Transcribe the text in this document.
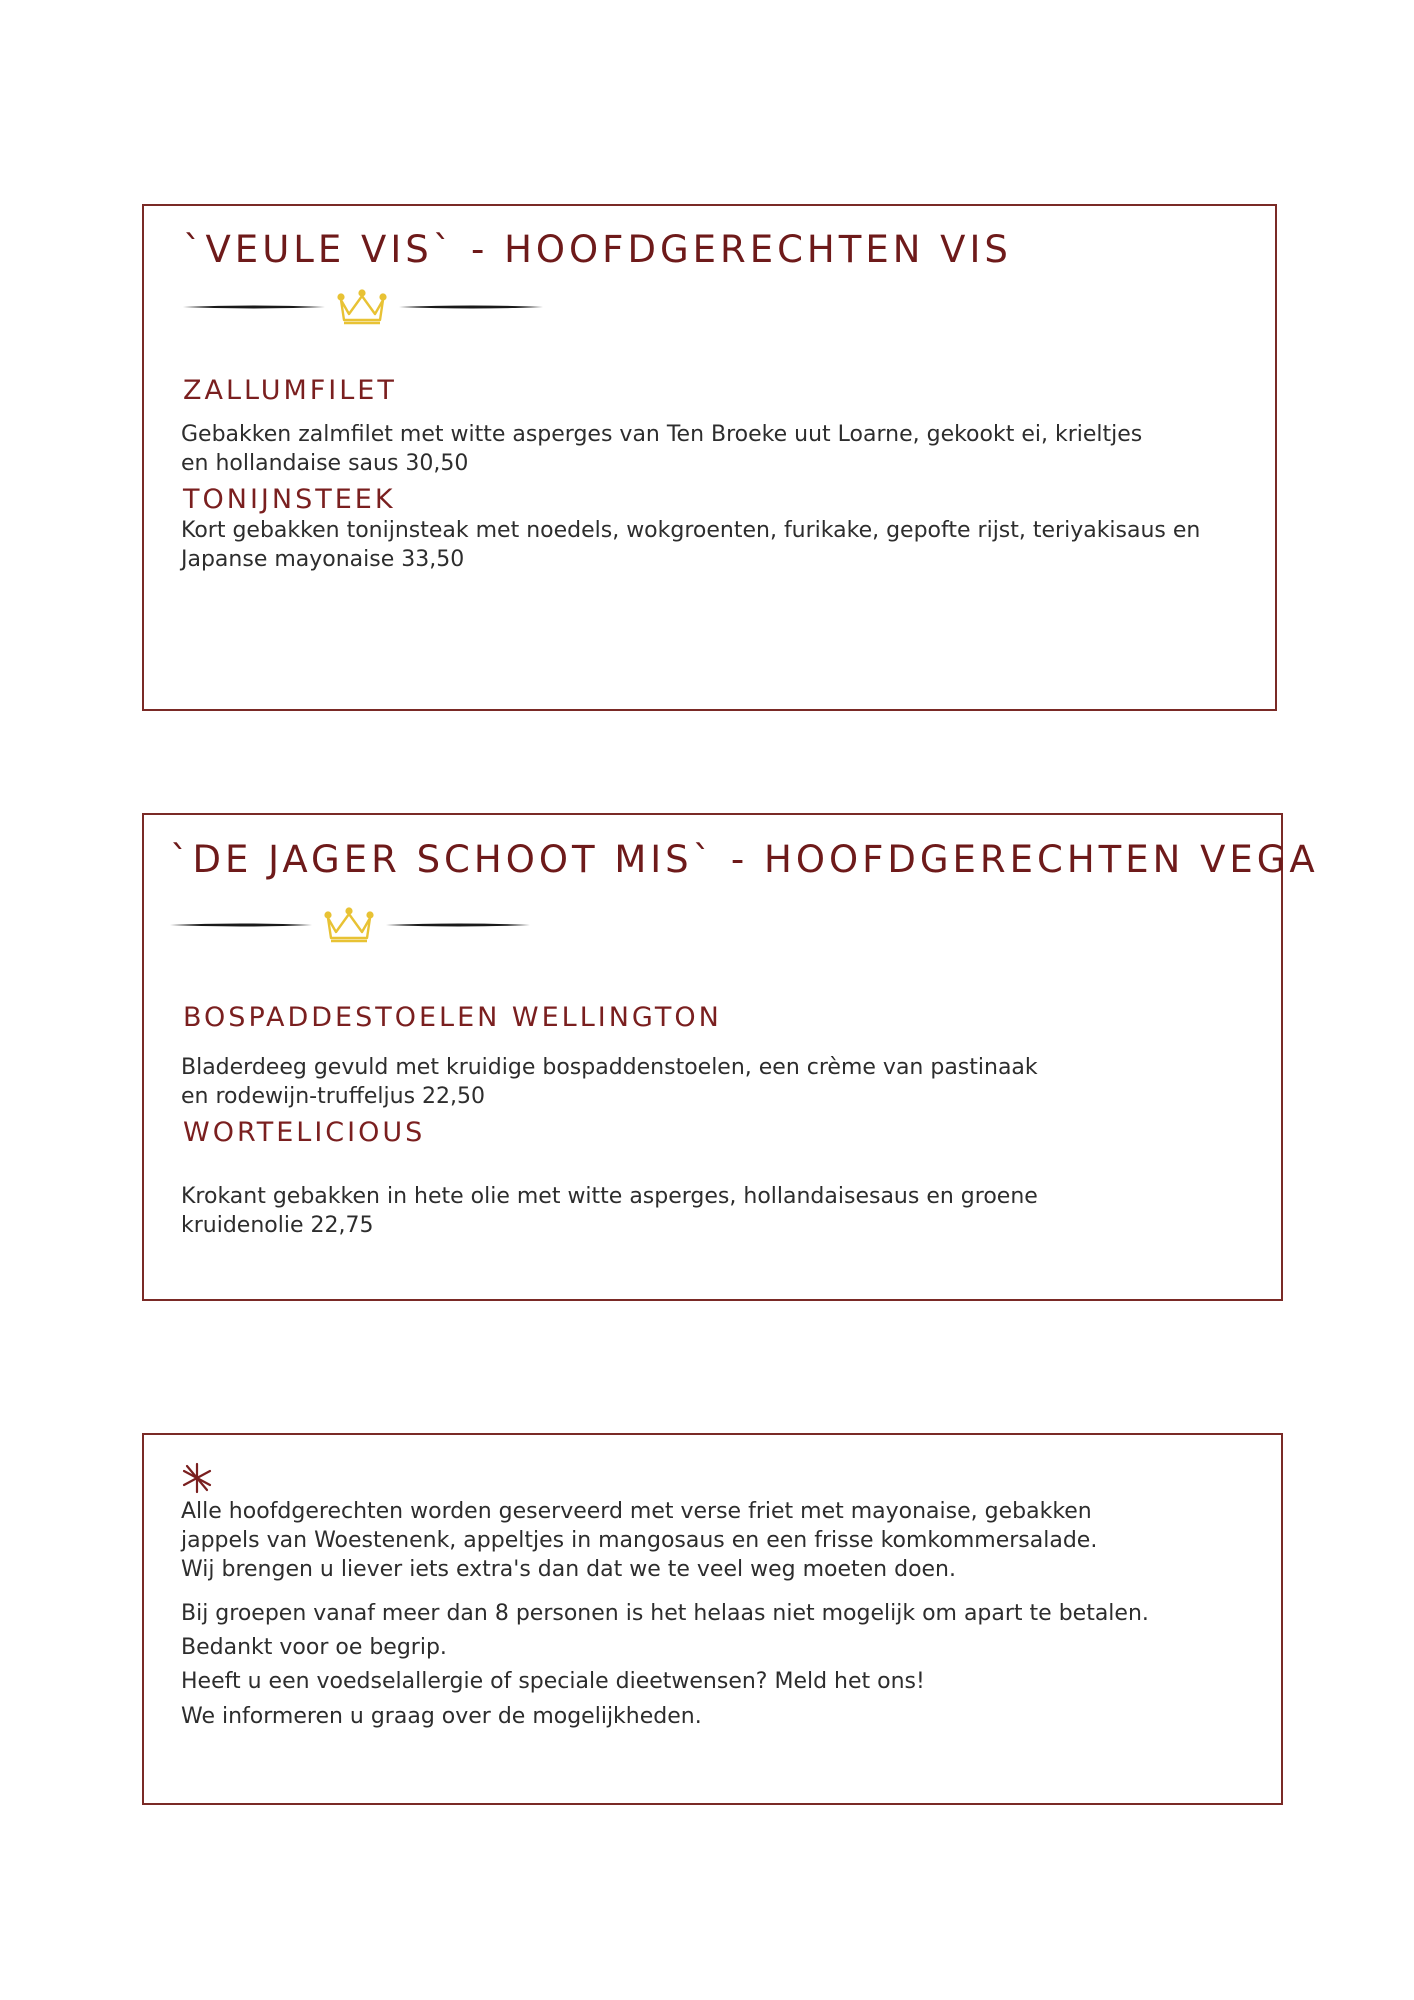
`VEULE VIS` - HOOFDGERECHTEN VIS
ZALLUMFILET

Gebakken zalmfilet met witte asperges van Ten Broeke uut Loarne, gekookt ei, krieltjes en hollandaise saus 30,50

TONIJNSTEEK

Kort gebakken tonijnsteak met noedels, wokgroenten, furikake, gepofte rijst, teriyakisaus en Japanse mayonaise 33,50

`DE JAGER SCHOOT MIS` - HOOFDGERECHTEN VEGA
BOSPADDESTOELEN WELLINGTON

Bladerdeeg gevuld met kruidige bospaddenstoelen, een crème van pastinaak en rodewijn-truffeljus 22,50

WORTELICIOUS

Krokant gebakken in hete olie met witte asperges, hollandaisesaus en groene kruidenolie 22,75

Alle hoofdgerechten worden geserveerd met verse friet met mayonaise, gebakken jappels van Woestenenk, appeltjes in mangosaus en een frisse komkommersalade. Wij brengen u liever iets extra's dan dat we te veel weg moeten doen.

Bij groepen vanaf meer dan 8 personen is het helaas niet mogelijk om apart te betalen.

Bedankt voor oe begrip.

Heeft u een voedselallergie of speciale dieetwensen? Meld het ons!

We informeren u graag over de mogelijkheden.
